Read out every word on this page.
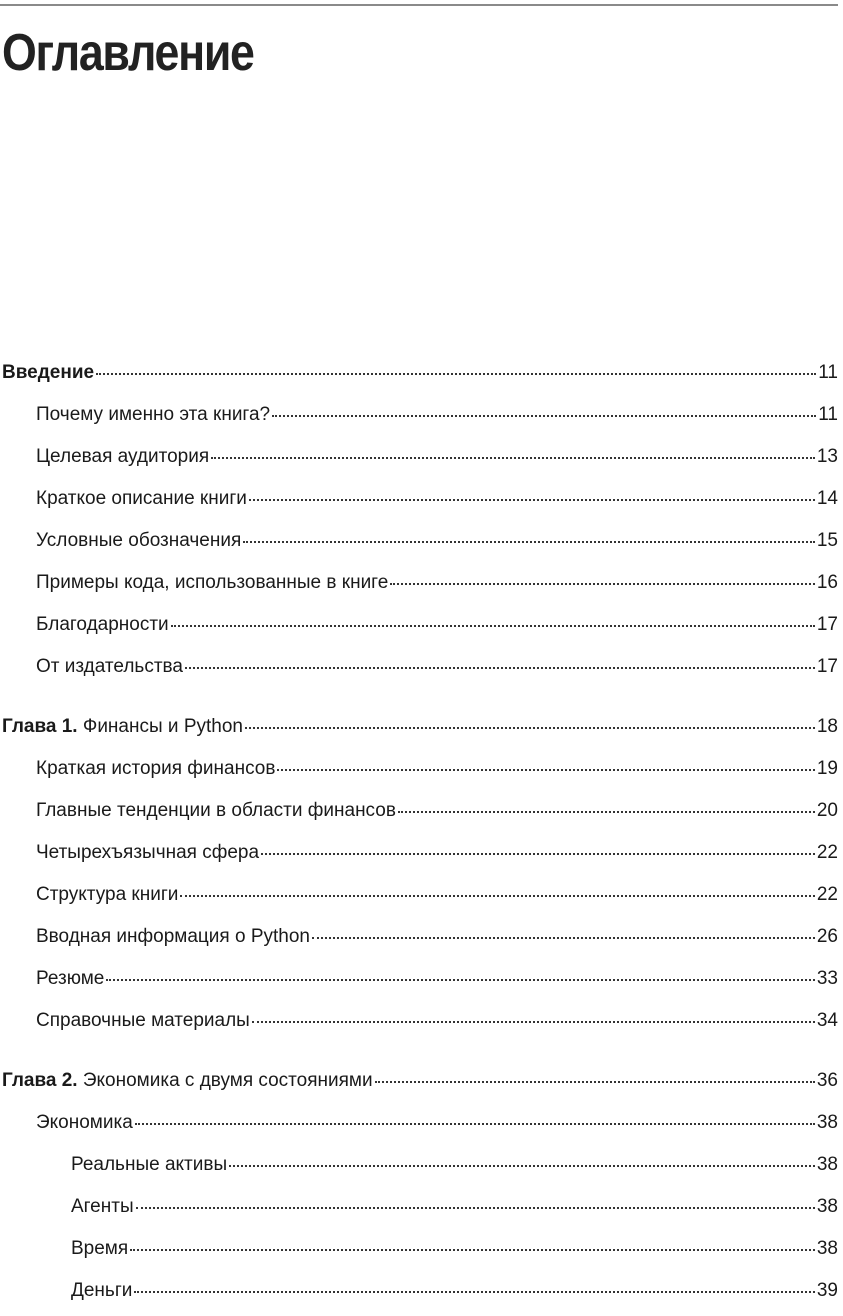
Оглавление
Введение	11
Почему именно эта книга?	11
Целевая аудитория	13
Краткое описание книги	14
Условные обозначения	15
Примеры кода, использованные в книге	16
Благодарности	17
От издательства	17
Глава 1. Финансы и Python	18
Краткая история финансов	19
Главные тенденции в области финансов	20
Четырехъязычная сфера	22
Структура книги	22
Вводная информация о Python	26
Резюме	33
Справочные материалы	34
Глава 2. Экономика с двумя состояниями	36
Экономика	38
Реальные активы	38
Агенты	38
Время	38
Деньги	39
